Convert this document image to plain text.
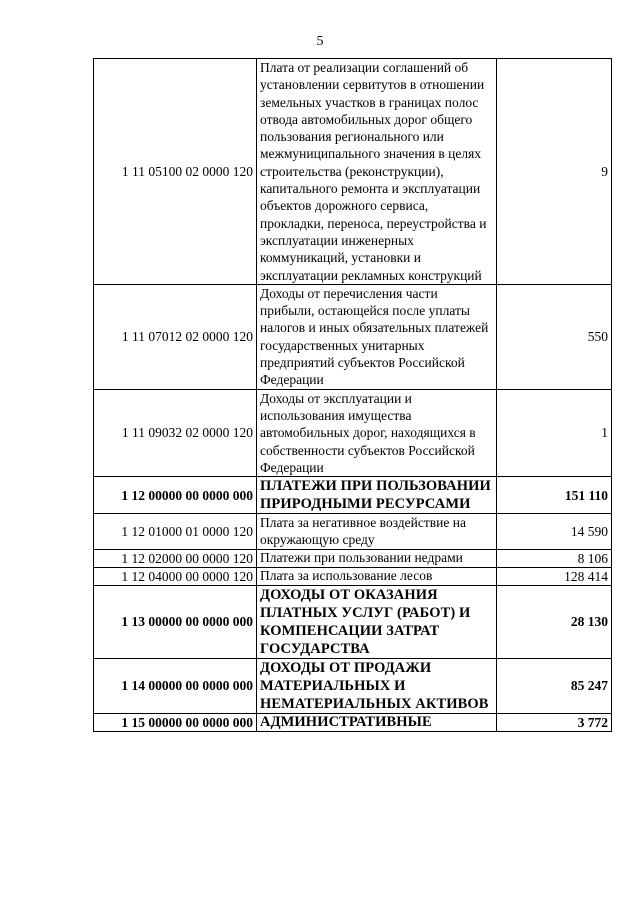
5
1 11 05100 02 0000 120	Плата от реализации соглашений об установлении сервитутов в отношении земельных участков в границах полос отвода автомобильных дорог общего пользования регионального или межмуниципального значения в целях строительства (реконструкции), капитального ремонта и эксплуатации объектов дорожного сервиса, прокладки, переноса, переустройства и эксплуатации инженерных коммуникаций, установки и эксплуатации рекламных конструкций	9
1 11 07012 02 0000 120	Доходы от перечисления части прибыли, остающейся после уплаты налогов и иных обязательных платежей государственных унитарных предприятий субъектов Российской Федерации	550
1 11 09032 02 0000 120	Доходы от эксплуатации и использования имущества автомобильных дорог, находящихся в собственности субъектов Российской Федерации	1
1 12 00000 00 0000 000	ПЛАТЕЖИ ПРИ ПОЛЬЗОВАНИИ ПРИРОДНЫМИ РЕСУРСАМИ	151 110
1 12 01000 01 0000 120	Плата за негативное воздействие на окружающую среду	14 590
1 12 02000 00 0000 120	Платежи при пользовании недрами	8 106
1 12 04000 00 0000 120	Плата за использование лесов	128 414
1 13 00000 00 0000 000	ДОХОДЫ ОТ ОКАЗАНИЯ ПЛАТНЫХ УСЛУГ (РАБОТ) И КОМПЕНСАЦИИ ЗАТРАТ ГОСУДАРСТВА	28 130
1 14 00000 00 0000 000	ДОХОДЫ ОТ ПРОДАЖИ МАТЕРИАЛЬНЫХ И НЕМАТЕРИАЛЬНЫХ АКТИВОВ	85 247
1 15 00000 00 0000 000	АДМИНИСТРАТИВНЫЕ	3 772
